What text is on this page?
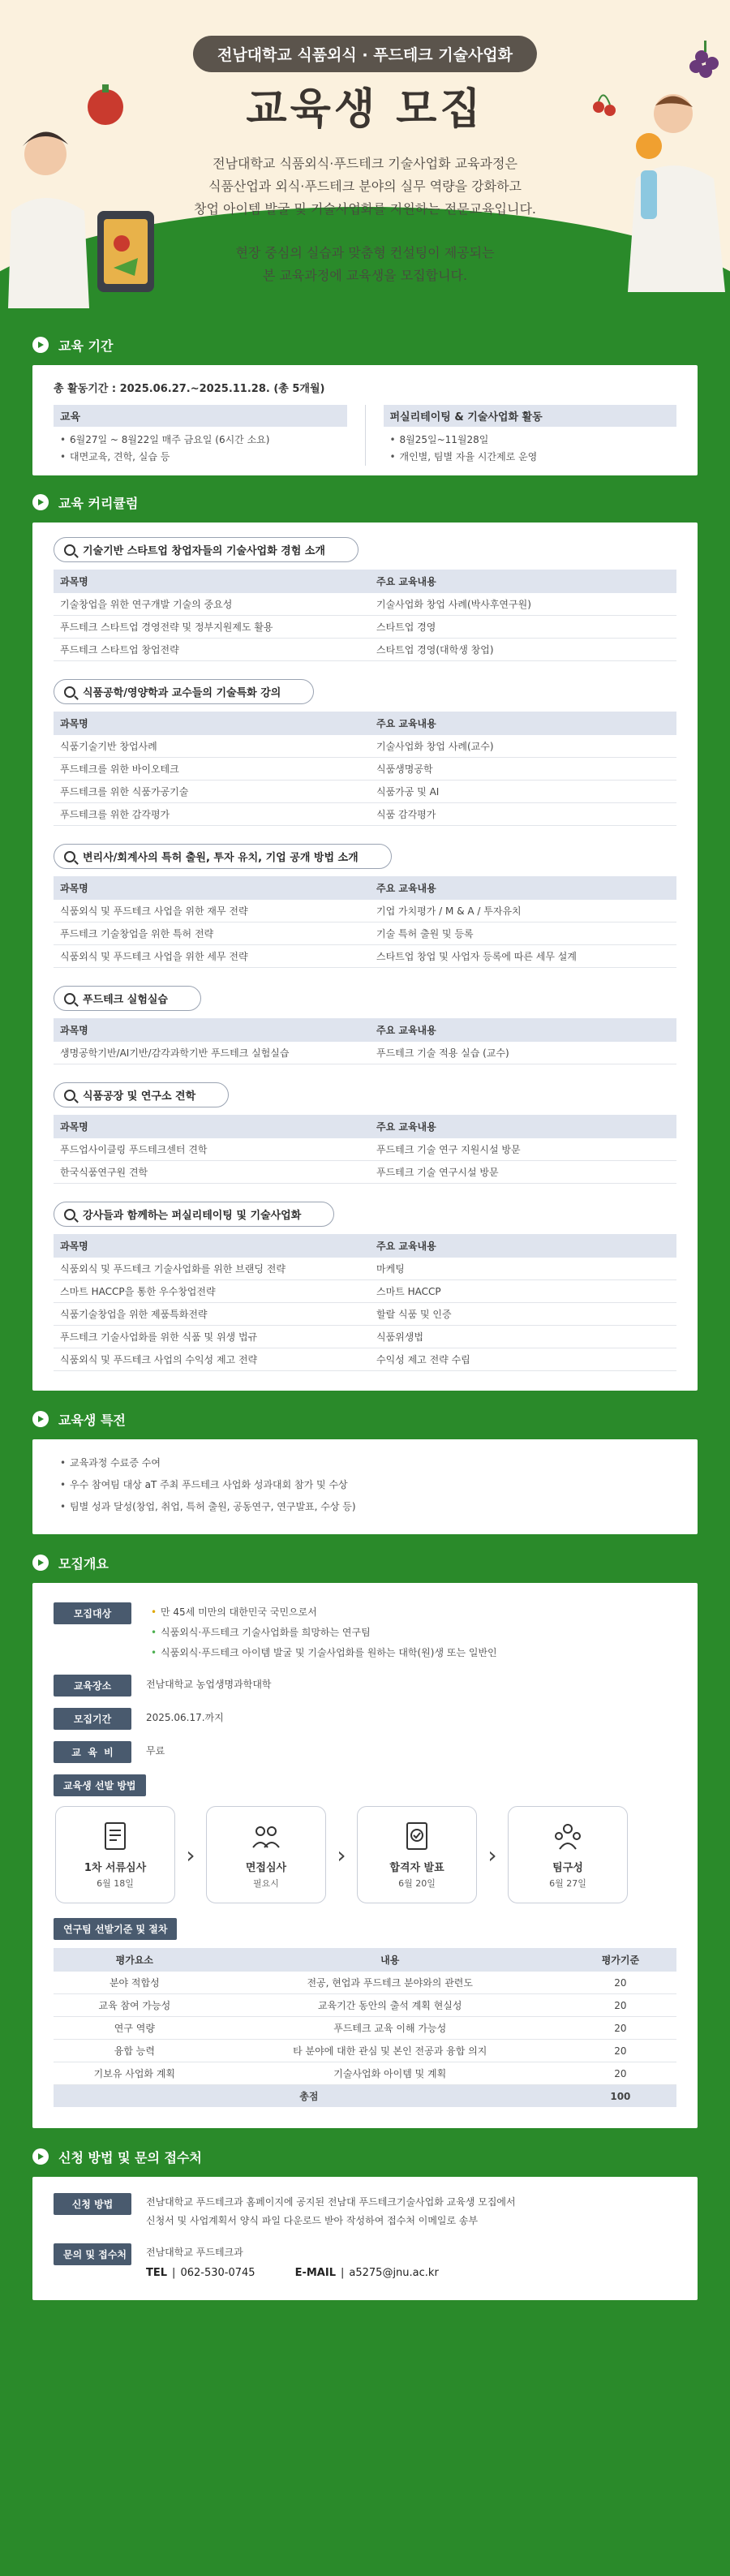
전남대학교 식품외식 · 푸드테크 기술사업화
교육생 모집
전남대학교 식품외식·푸드테크 기술사업화 교육과정은
식품산업과 외식·푸드테크 분야의 실무 역량을 강화하고
창업 아이템 발굴 및 기술사업화를 지원하는 전문교육입니다.
현장 중심의 실습과 맞춤형 컨설팅이 제공되는
본 교육과정에 교육생을 모집합니다.
교육 기간
총 활동기간 : 2025.06.27.~2025.11.28. (총 5개월)
교육
• 6월27일 ~ 8월22일 매주 금요일 (6시간 소요)
• 대면교육, 견학, 실습 등
퍼실리테이팅 & 기술사업화 활동
• 8월25일~11월28일
• 개인별, 팀별 자율 시간제로 운영
교육 커리큘럼
기술기반 스타트업 창업자들의 기술사업화 경험 소개
과목명	주요 교육내용
기술창업을 위한 연구개발 기술의 중요성	기술사업화 창업 사례(박사후연구원)
푸드테크 스타트업 경영전략 및 정부지원제도 활용	스타트업 경영
푸드테크 스타트업 창업전략	스타트업 경영(대학생 창업)
식품공학/영양학과 교수들의 기술특화 강의
과목명	주요 교육내용
식품기술기반 창업사례	기술사업화 창업 사례(교수)
푸드테크를 위한 바이오테크	식품생명공학
푸드테크를 위한 식품가공기술	식품가공 및 AI
푸드테크를 위한 감각평가	식품 감각평가
변리사/회계사의 특허 출원, 투자 유치, 기업 공개 방법 소개
과목명	주요 교육내용
식품외식 및 푸드테크 사업을 위한 재무 전략	기업 가치평가 / M & A / 투자유치
푸드테크 기술창업을 위한 특허 전략	기술 특허 출원 및 등록
식품외식 및 푸드테크 사업을 위한 세무 전략	스타트업 창업 및 사업자 등록에 따른 세무 설계
푸드테크 실험실습
과목명	주요 교육내용
생명공학기반/AI기반/감각과학기반 푸드테크 실험실습	푸드테크 기술 적용 실습 (교수)
식품공장 및 연구소 견학
과목명	주요 교육내용
푸드업사이클링 푸드테크센터 견학	푸드테크 기술 연구 지원시설 방문
한국식품연구원 견학	푸드테크 기술 연구시설 방문
강사들과 함께하는 퍼실리테이팅 및 기술사업화
과목명	주요 교육내용
식품외식 및 푸드테크 기술사업화를 위한 브랜딩 전략	마케팅
스마트 HACCP을 통한 우수창업전략	스마트 HACCP
식품기술창업을 위한 제품특화전략	할랄 식품 및 인증
푸드테크 기술사업화를 위한 식품 및 위생 법규	식품위생법
식품외식 및 푸드테크 사업의 수익성 제고 전략	수익성 제고 전략 수립
교육생 특전
• 교육과정 수료증 수여
• 우수 참여팀 대상 aT 주최 푸드테크 사업화 성과대회 참가 및 수상
• 팀별 성과 달성(창업, 취업, 특허 출원, 공동연구, 연구발표, 수상 등)
모집개요
모집대상	• 만 45세 미만의 대한민국 국민으로서
• 식품외식·푸드테크 기술사업화를 희망하는 연구팀
• 식품외식·푸드테크 아이템 발굴 및 기술사업화를 원하는 대학(원)생 또는 일반인
교육장소	전남대학교 농업생명과학대학
모집기간	2025.06.17.까지
교  육  비	무료
교육생 선발 방법
1차 서류심사
6월 18일
›	면접심사
필요시
›	합격자 발표
6월 20일
›	팀구성
6월 27일
연구팀 선발기준 및 절차
평가요소	내용	평가기준
분야 적합성	전공, 현업과 푸드테크 분야와의 관련도	20
교육 참여 가능성	교육기간 동안의 출석 계획 현실성	20
연구 역량	푸드테크 교육 이해 가능성	20
융합 능력	타 분야에 대한 관심 및 본인 전공과 융합 의지	20
기보유 사업화 계획	기술사업화 아이템 및 계획	20
총점		100
신청 방법 및 문의 접수처
신청 방법	전남대학교 푸드테크과 홈페이지에 공지된 전남대 푸드테크기술사업화 교육생 모집에서
신청서 및 사업계획서 양식 파일 다운로드 받아 작성하여 접수처 이메일로 송부
문의 및 접수처	전남대학교 푸드테크과
TEL | 062-530-0745	E-MAIL | a5275@jnu.ac.kr
